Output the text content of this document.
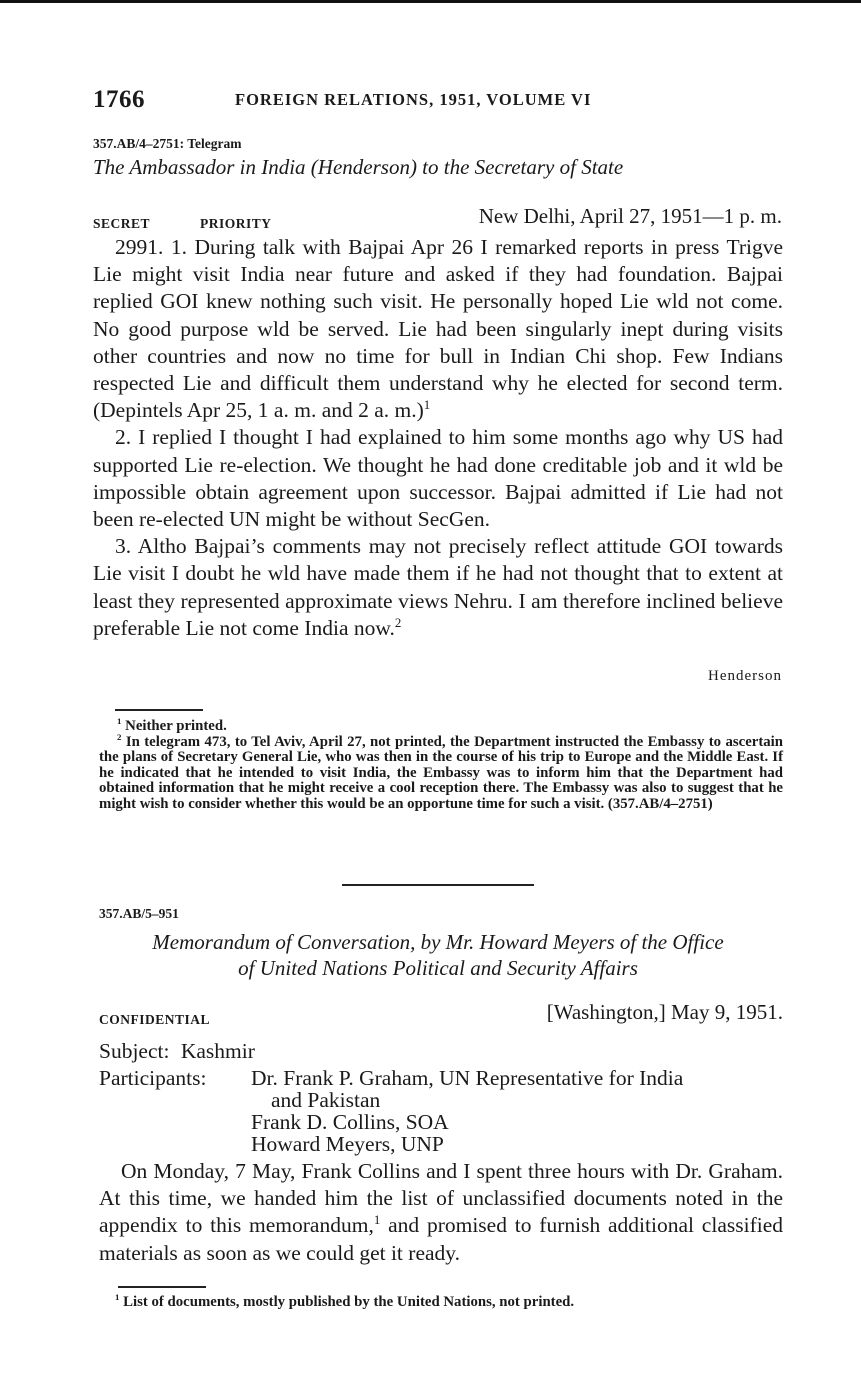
1766	FOREIGN RELATIONS, 1951, VOLUME VI
357.AB/4–2751: Telegram
The Ambassador in India (Henderson) to the Secretary of State
SECRET	PRIORITY	New Delhi, April 27, 1951—1 p. m.

2991. 1. During talk with Bajpai Apr 26 I remarked reports in press Trigve Lie might visit India near future and asked if they had foundation. Bajpai replied GOI knew nothing such visit. He personally hoped Lie wld not come. No good purpose wld be served. Lie had been singularly inept during visits other countries and now no time for bull in Indian Chi shop. Few Indians respected Lie and difficult them understand why he elected for second term. (Depintels Apr 25, 1 a. m. and 2 a. m.)$^1$

2. I replied I thought I had explained to him some months ago why US had supported Lie re-election. We thought he had done creditable job and it wld be impossible obtain agreement upon successor. Bajpai admitted if Lie had not been re-elected UN might be without SecGen.

3. Altho Bajpai’s comments may not precisely reflect attitude GOI towards Lie visit I doubt he wld have made them if he had not thought that to extent at least they represented approximate views Nehru. I am therefore inclined believe preferable Lie not come India now.$^2$

Henderson

$^1$ Neither printed.

$^2$ In telegram 473, to Tel Aviv, April 27, not printed, the Department instructed the Embassy to ascertain the plans of Secretary General Lie, who was then in the course of his trip to Europe and the Middle East. If he indicated that he intended to visit India, the Embassy was to inform him that the Department had obtained information that he might receive a cool reception there. The Embassy was also to suggest that he might wish to consider whether this would be an opportune time for such a visit. (357.AB/4–2751)

357.AB/5–951
Memorandum of Conversation, by Mr. Howard Meyers of the Office
of United Nations Political and Security Affairs
CONFIDENTIAL	[Washington,] May 9, 1951.
Subject: Kashmir
Participants: Dr. Frank P. Graham, UN Representative for India
and Pakistan
Frank D. Collins, SOA
Howard Meyers, UNP

On Monday, 7 May, Frank Collins and I spent three hours with Dr. Graham. At this time, we handed him the list of unclassified documents noted in the appendix to this memorandum,$^1$ and promised to furnish additional classified materials as soon as we could get it ready.

$^1$ List of documents, mostly published by the United Nations, not printed.
